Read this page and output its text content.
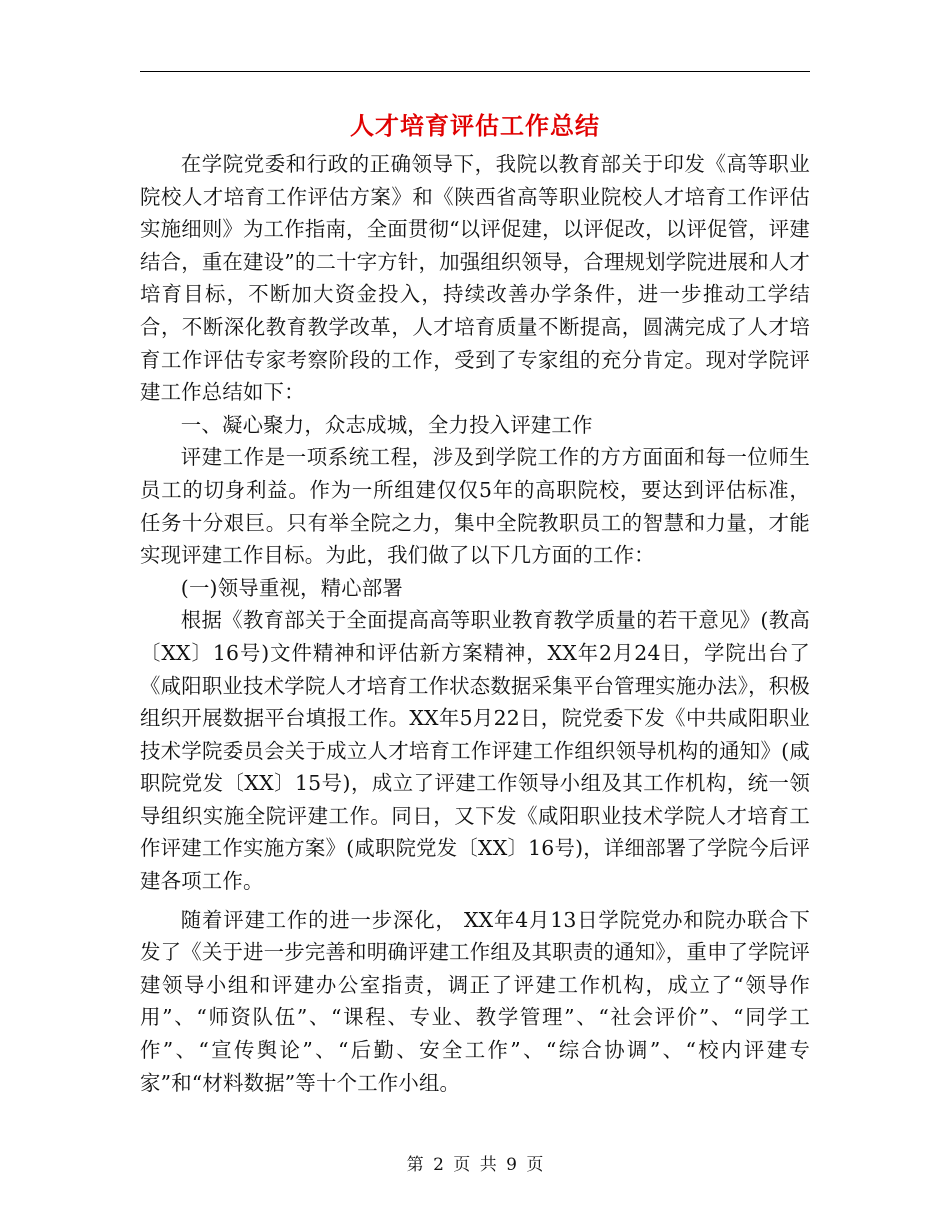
人才培育评估工作总结

在学院党委和行政的正确领导下，我院以教育部关于印发《高等职业院校人才培育工作评估方案》和《陕西省高等职业院校人才培育工作评估实施细则》为工作指南，全面贯彻“以评促建，以评促改，以评促管，评建结合，重在建设”的二十字方针，加强组织领导，合理规划学院进展和人才培育目标，不断加大资金投入，持续改善办学条件，进一步推动工学结合，不断深化教育教学改革，人才培育质量不断提高，圆满完成了人才培育工作评估专家考察阶段的工作，受到了专家组的充分肯定。现对学院评建工作总结如下：

一、凝心聚力，众志成城，全力投入评建工作

评建工作是一项系统工程，涉及到学院工作的方方面面和每一位师生员工的切身利益。作为一所组建仅仅5年的高职院校，要达到评估标准，任务十分艰巨。只有举全院之力，集中全院教职员工的智慧和力量，才能实现评建工作目标。为此，我们做了以下几方面的工作：

(一)领导重视，精心部署

根据《教育部关于全面提高高等职业教育教学质量的若干意见》(教高〔XX〕16号)文件精神和评估新方案精神，XX年2月24日，学院出台了《咸阳职业技术学院人才培育工作状态数据采集平台管理实施办法》，积极组织开展数据平台填报工作。XX年5月22日，院党委下发《中共咸阳职业技术学院委员会关于成立人才培育工作评建工作组织领导机构的通知》(咸职院党发〔XX〕15号)，成立了评建工作领导小组及其工作机构，统一领导组织实施全院评建工作。同日，又下发《咸阳职业技术学院人才培育工作评建工作实施方案》(咸职院党发〔XX〕16号)，详细部署了学院今后评建各项工作。

随着评建工作的进一步深化， XX年4月13日学院党办和院办联合下发了《关于进一步完善和明确评建工作组及其职责的通知》，重申了学院评建领导小组和评建办公室指责，调正了评建工作机构，成立了“领导作用”、“师资队伍”、“课程、专业、教学管理”、“社会评价”、“同学工作”、“宣传舆论”、“后勤、安全工作”、“综合协调”、“校内评建专家”和“材料数据”等十个工作小组。

第 2 页 共 9 页
